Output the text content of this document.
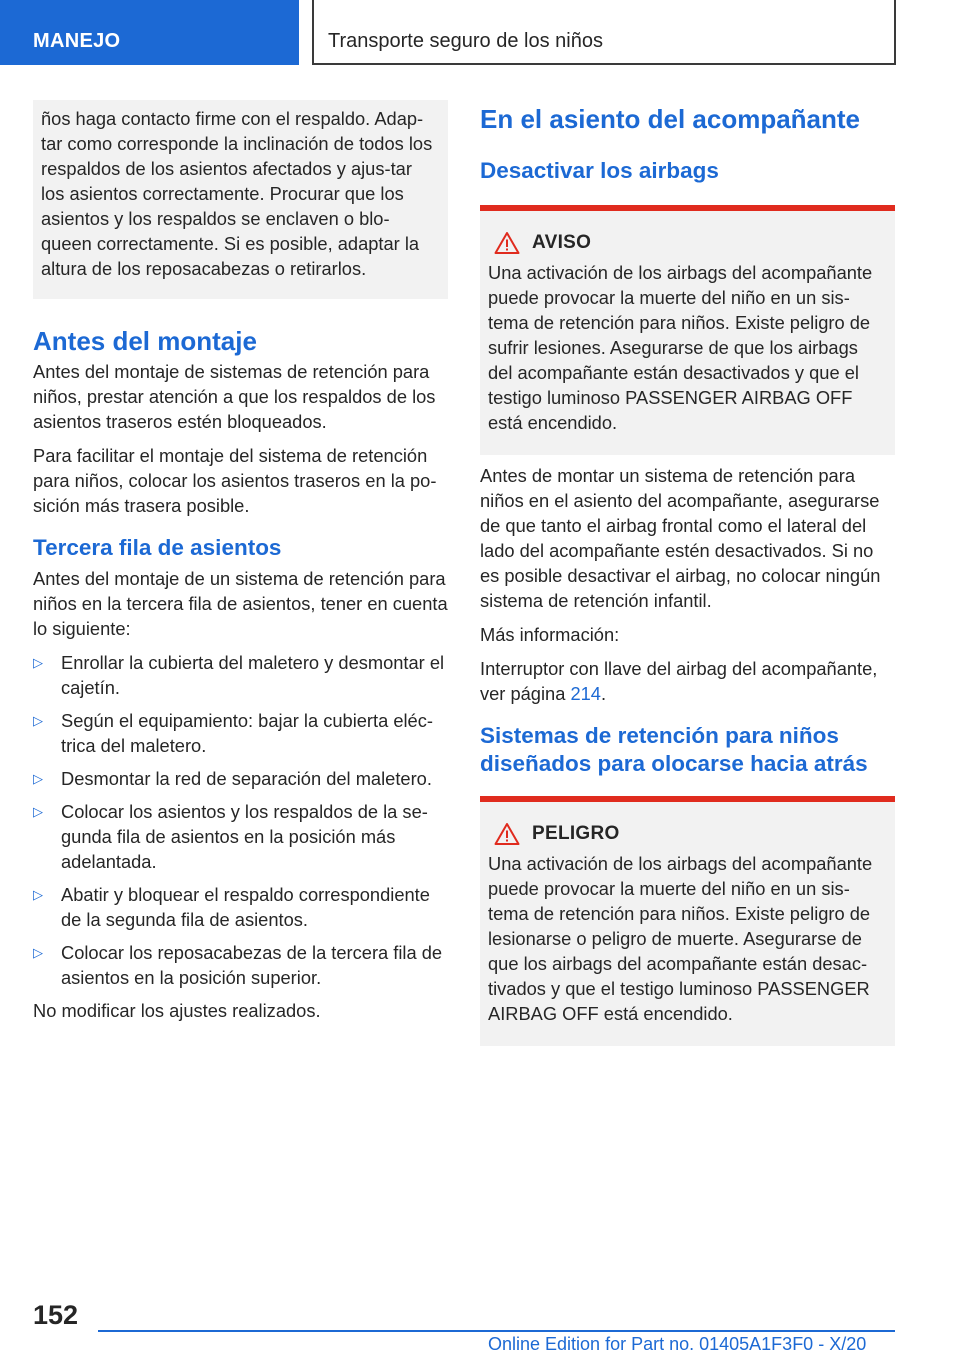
MANEJO	Transporte seguro de los niños

ños haga contacto firme con el respaldo. Adap-tar como corresponde la inclinación de todos los respaldos de los asientos afectados y ajus-tar los asientos correctamente. Procurar que los asientos y los respaldos se enclaven o blo-queen correctamente. Si es posible, adaptar la altura de los reposacabezas o retirarlos.

Antes del montaje

Antes del montaje de sistemas de retención para niños, prestar atención a que los respaldos de los asientos traseros estén bloqueados.

Para facilitar el montaje del sistema de retención para niños, colocar los asientos traseros en la po-sición más trasera posible.

Tercera fila de asientos

Antes del montaje de un sistema de retención para niños en la tercera fila de asientos, tener en cuenta lo siguiente:

▷ Enrollar la cubierta del maletero y desmontar el cajetín.
▷ Según el equipamiento: bajar la cubierta eléc-trica del maletero.
▷ Desmontar la red de separación del maletero.
▷ Colocar los asientos y los respaldos de la se-gunda fila de asientos en la posición más adelantada.
▷ Abatir y bloquear el respaldo correspondiente de la segunda fila de asientos.
▷ Colocar los reposacabezas de la tercera fila de asientos en la posición superior.

No modificar los ajustes realizados.

En el asiento del acompañante
Desactivar los airbags
AVISO

Una activación de los airbags del acompañante puede provocar la muerte del niño en un sis-tema de retención para niños. Existe peligro de sufrir lesiones. Asegurarse de que los airbags del acompañante están desactivados y que el testigo luminoso PASSENGER AIRBAG OFF está encendido.

Antes de montar un sistema de retención para niños en el asiento del acompañante, asegurarse de que tanto el airbag frontal como el lateral del lado del acompañante estén desactivados. Si no es posible desactivar el airbag, no colocar ningún sistema de retención infantil.

Más información:

Interruptor con llave del airbag del acompañante, ver página 214.

Sistemas de retención para niños
diseñados para olocarse hacia atrás
PELIGRO

Una activación de los airbags del acompañante puede provocar la muerte del niño en un sis-tema de retención para niños. Existe peligro de lesionarse o peligro de muerte. Asegurarse de que los airbags del acompañante están desac-tivados y que el testigo luminoso PASSENGER AIRBAG OFF está encendido.

152
Online Edition for Part no. 01405A1F3F0 - X/20
